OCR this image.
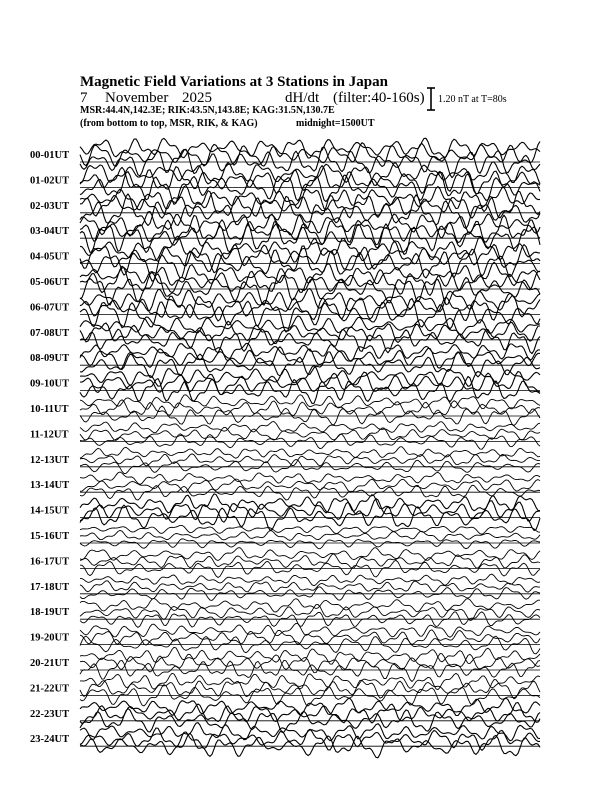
Magnetic Field Variations at 3 Stations in Japan
7 November 2025	dH/dt (filter:40-160s)
MSR:44.4N,142.3E; RIK:43.5N,143.8E; KAG:31.5N,130.7E
(from bottom to top, MSR, RIK, & KAG)	midnight=1500UT
1.20 nT at T=80s
00-01UT
01-02UT
02-03UT
03-04UT
04-05UT
05-06UT
06-07UT
07-08UT
08-09UT
09-10UT
10-11UT
11-12UT
12-13UT
13-14UT
14-15UT
15-16UT
16-17UT
17-18UT
18-19UT
19-20UT
20-21UT
21-22UT
22-23UT
23-24UT
